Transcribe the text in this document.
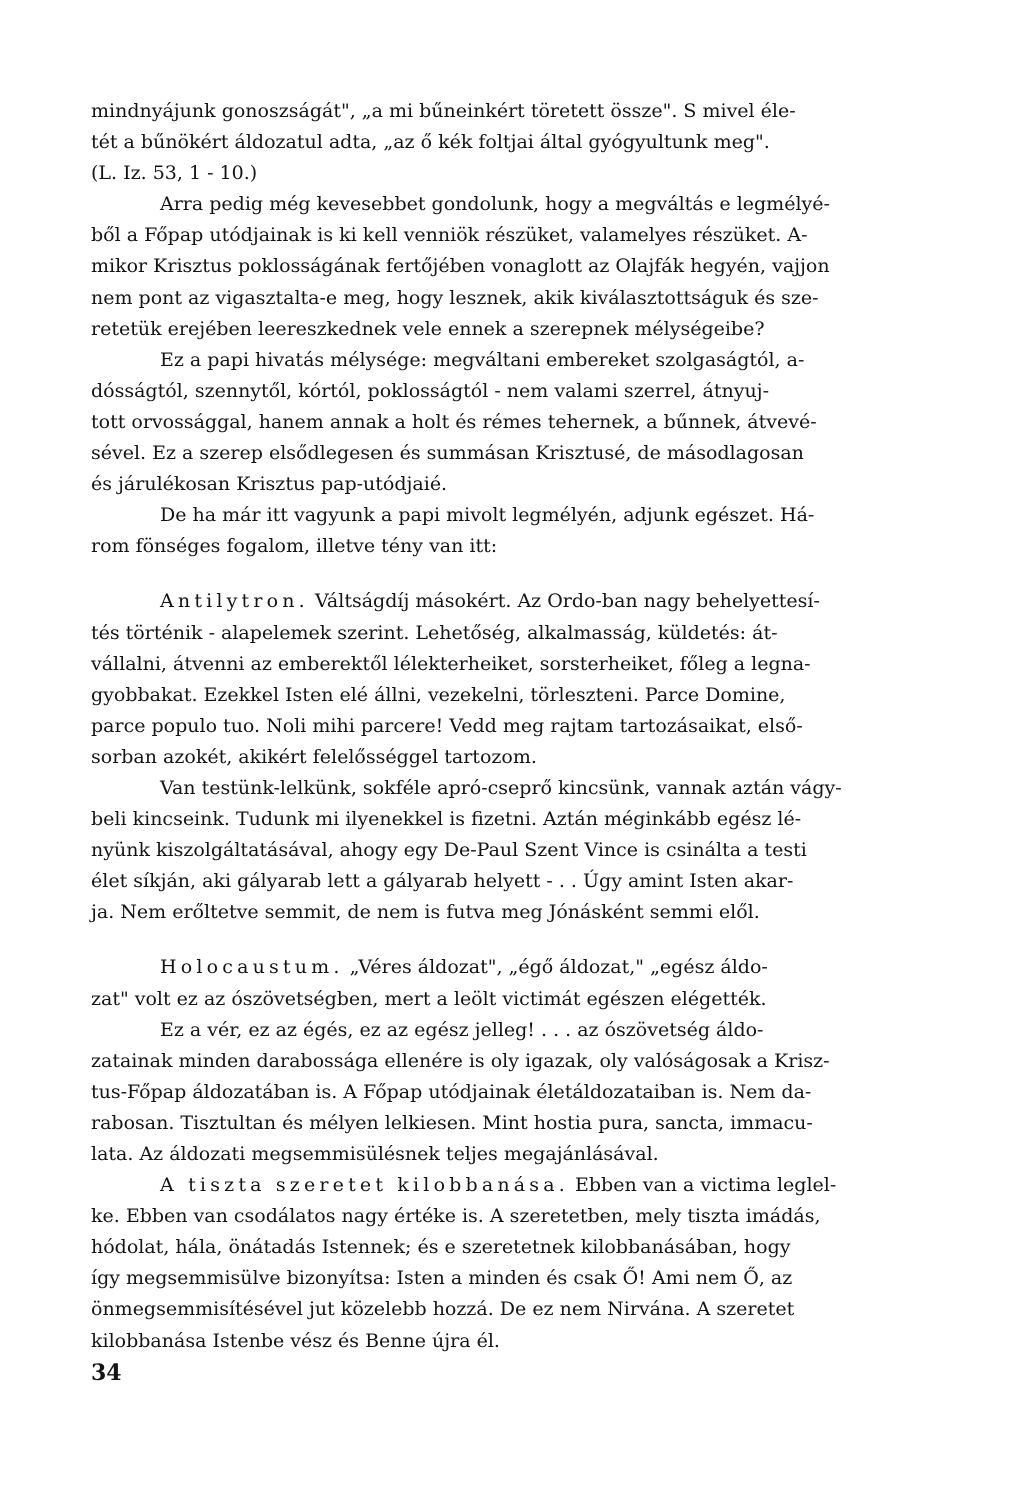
mindnyájunk gonoszságát", „a mi bűneinkért töretett össze". S mivel éle-
tét a bűnökért áldozatul adta, „az ő kék foltjai által gyógyultunk meg".
(L. Iz. 53, 1 - 10.)
Arra pedig még kevesebbet gondolunk, hogy a megváltás e legmélyé-
ből a Főpap utódjainak is ki kell venniök részüket, valamelyes részüket. A-
mikor Krisztus poklosságának fertőjében vonaglott az Olajfák hegyén, vajjon
nem pont az vigasztalta-e meg, hogy lesznek, akik kiválasztottságuk és sze-
retetük erejében leereszkednek vele ennek a szerepnek mélységeibe?
Ez a papi hivatás mélysége: megváltani embereket szolgaságtól, a-
dósságtól, szennytől, kórtól, poklosságtól - nem valami szerrel, átnyuj-
tott orvossággal, hanem annak a holt és rémes tehernek, a bűnnek, átvevé-
sével. Ez a szerep elsődlegesen és summásan Krisztusé, de másodlagosan
és járulékosan Krisztus pap-utódjaié.
De ha már itt vagyunk a papi mivolt legmélyén, adjunk egészet. Há-
rom fönséges fogalom, illetve tény van itt:
Antilytron. Váltságdíj másokért. Az Ordo-ban nagy behelyettesí-
tés történik - alapelemek szerint. Lehetőség, alkalmasság, küldetés: át-
vállalni, átvenni az emberektől lélekterheiket, sorsterheiket, főleg a legna-
gyobbakat. Ezekkel Isten elé állni, vezekelni, törleszteni. Parce Domine,
parce populo tuo. Noli mihi parcere! Vedd meg rajtam tartozásaikat, első-
sorban azokét, akikért felelősséggel tartozom.
Van testünk-lelkünk, sokféle apró-cseprő kincsünk, vannak aztán vágy-
beli kincseink. Tudunk mi ilyenekkel is fizetni. Aztán méginkább egész lé-
nyünk kiszolgáltatásával, ahogy egy De-Paul Szent Vince is csinálta a testi
élet síkján, aki gályarab lett a gályarab helyett - . . Úgy amint Isten akar-
ja. Nem erőltetve semmit, de nem is futva meg Jónásként semmi elől.
Holocaustum. „Véres áldozat", „égő áldozat," „egész áldo-
zat" volt ez az ószövetségben, mert a leölt victimát egészen elégették.
Ez a vér, ez az égés, ez az egész jelleg! . . . az ószövetség áldo-
zatainak minden darabossága ellenére is oly igazak, oly valóságosak a Krisz-
tus-Főpap áldozatában is. A Főpap utódjainak életáldozataiban is. Nem da-
rabosan. Tisztultan és mélyen lelkiesen. Mint hostia pura, sancta, immacu-
lata. Az áldozati megsemmisülésnek teljes megajánlásával.
A tiszta szeretet kilobbanása. Ebben van a victima leglel-
ke. Ebben van csodálatos nagy értéke is. A szeretetben, mely tiszta imádás,
hódolat, hála, önátadás Istennek; és e szeretetnek kilobbanásában, hogy
így megsemmisülve bizonyítsa: Isten a minden és csak Ő! Ami nem Ő, az
önmegsemmisítésével jut közelebb hozzá. De ez nem Nirvána. A szeretet
kilobbanása Istenbe vész és Benne újra él.
34
